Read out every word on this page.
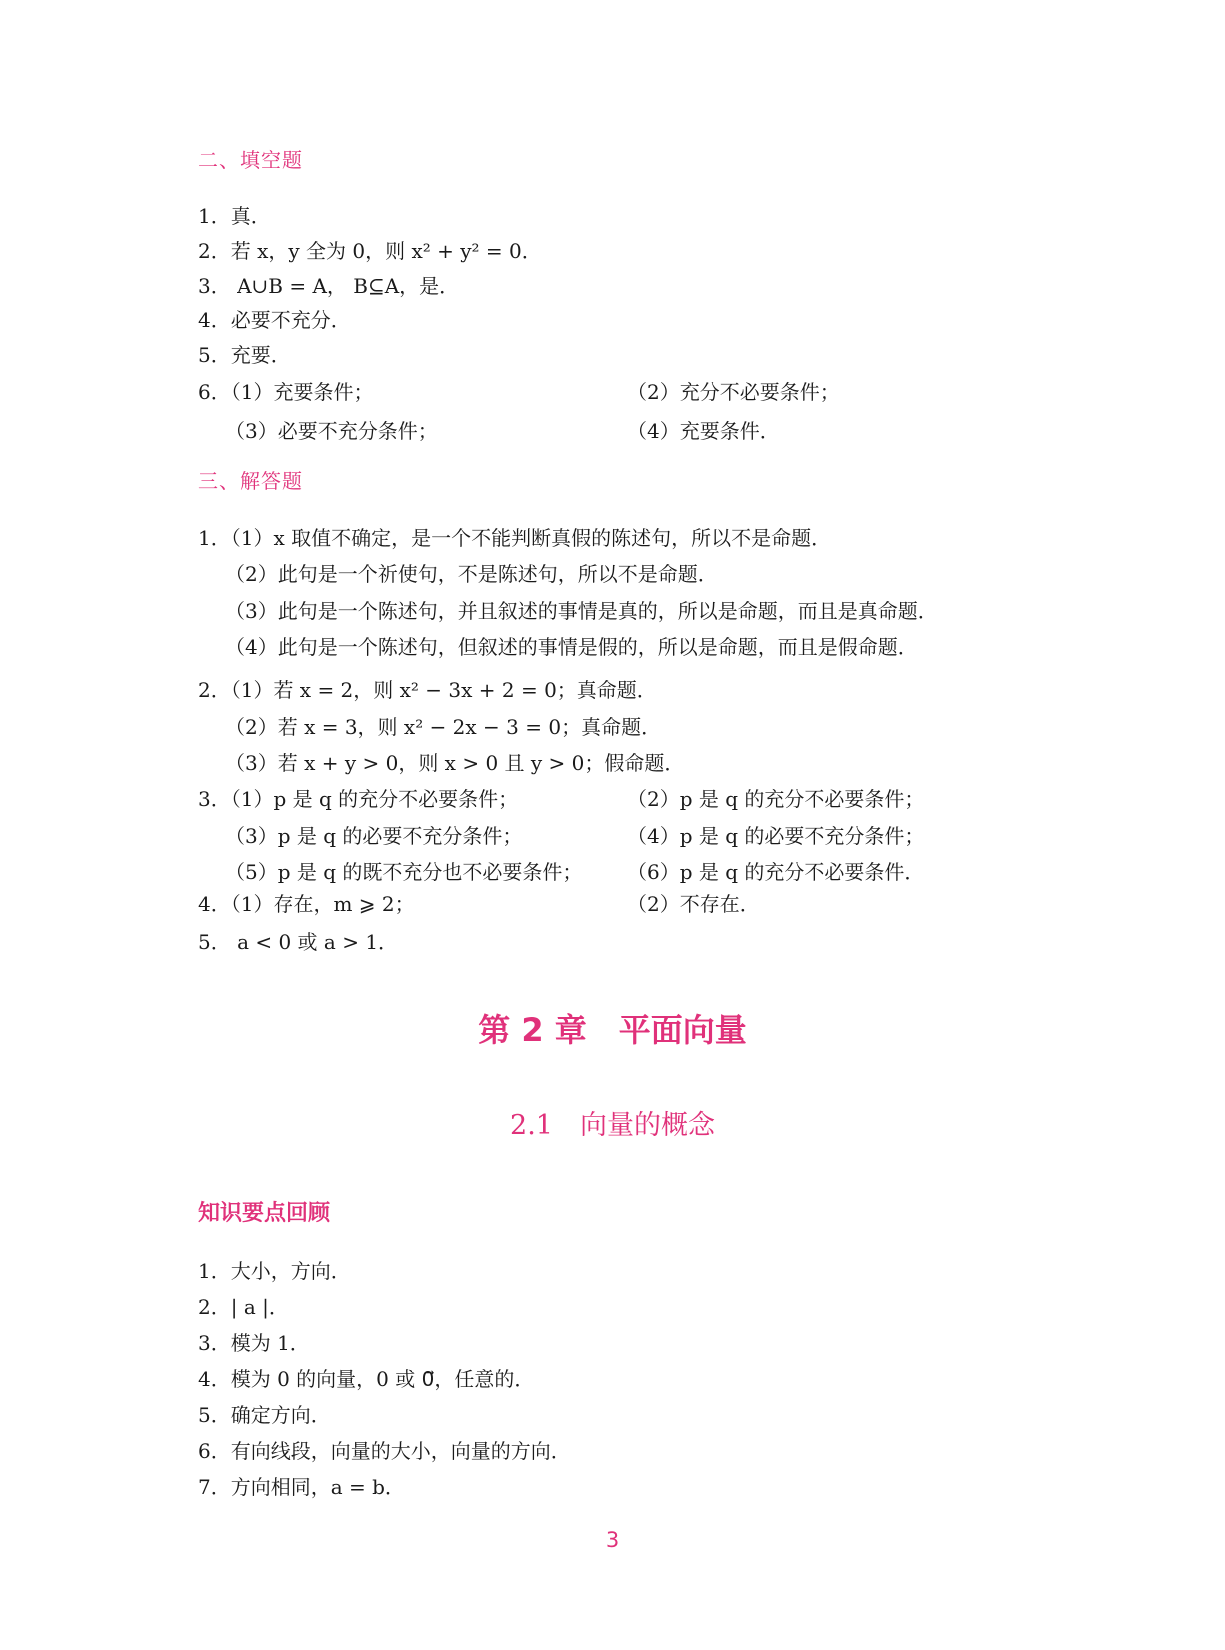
二、填空题
1．真．
2．若 x，y 全为 0，则 x² + y² = 0．
3． A∪B = A， B⊆A，是．
4．必要不充分．
5．充要．
6．（1）充要条件；	（2）充分不必要条件；
（3）必要不充分条件；	（4）充要条件．
三、解答题
1．（1）x 取值不确定，是一个不能判断真假的陈述句，所以不是命题．
（2）此句是一个祈使句，不是陈述句，所以不是命题．
（3）此句是一个陈述句，并且叙述的事情是真的，所以是命题，而且是真命题．
（4）此句是一个陈述句，但叙述的事情是假的，所以是命题，而且是假命题．
2．（1）若 x = 2，则 x² − 3x + 2 = 0；真命题．
（2）若 x = 3，则 x² − 2x − 3 = 0；真命题．
（3）若 x + y > 0，则 x > 0 且 y > 0；假命题．
3．（1）p 是 q 的充分不必要条件；	（2）p 是 q 的充分不必要条件；
（3）p 是 q 的必要不充分条件；	（4）p 是 q 的必要不充分条件；
（5）p 是 q 的既不充分也不必要条件； （6）p 是 q 的充分不必要条件．
4．（1）存在，m ⩾ 2；	（2）不存在．
5． a < 0 或 a > 1．
第 2 章　平面向量
2.1　向量的概念
知识要点回顾
1．大小，方向．
2．| a |．
3．模为 1．
4．模为 0 的向量，0 或 0⃗，任意的．
5．确定方向．
6．有向线段，向量的大小，向量的方向．
7．方向相同，a = b．
3
